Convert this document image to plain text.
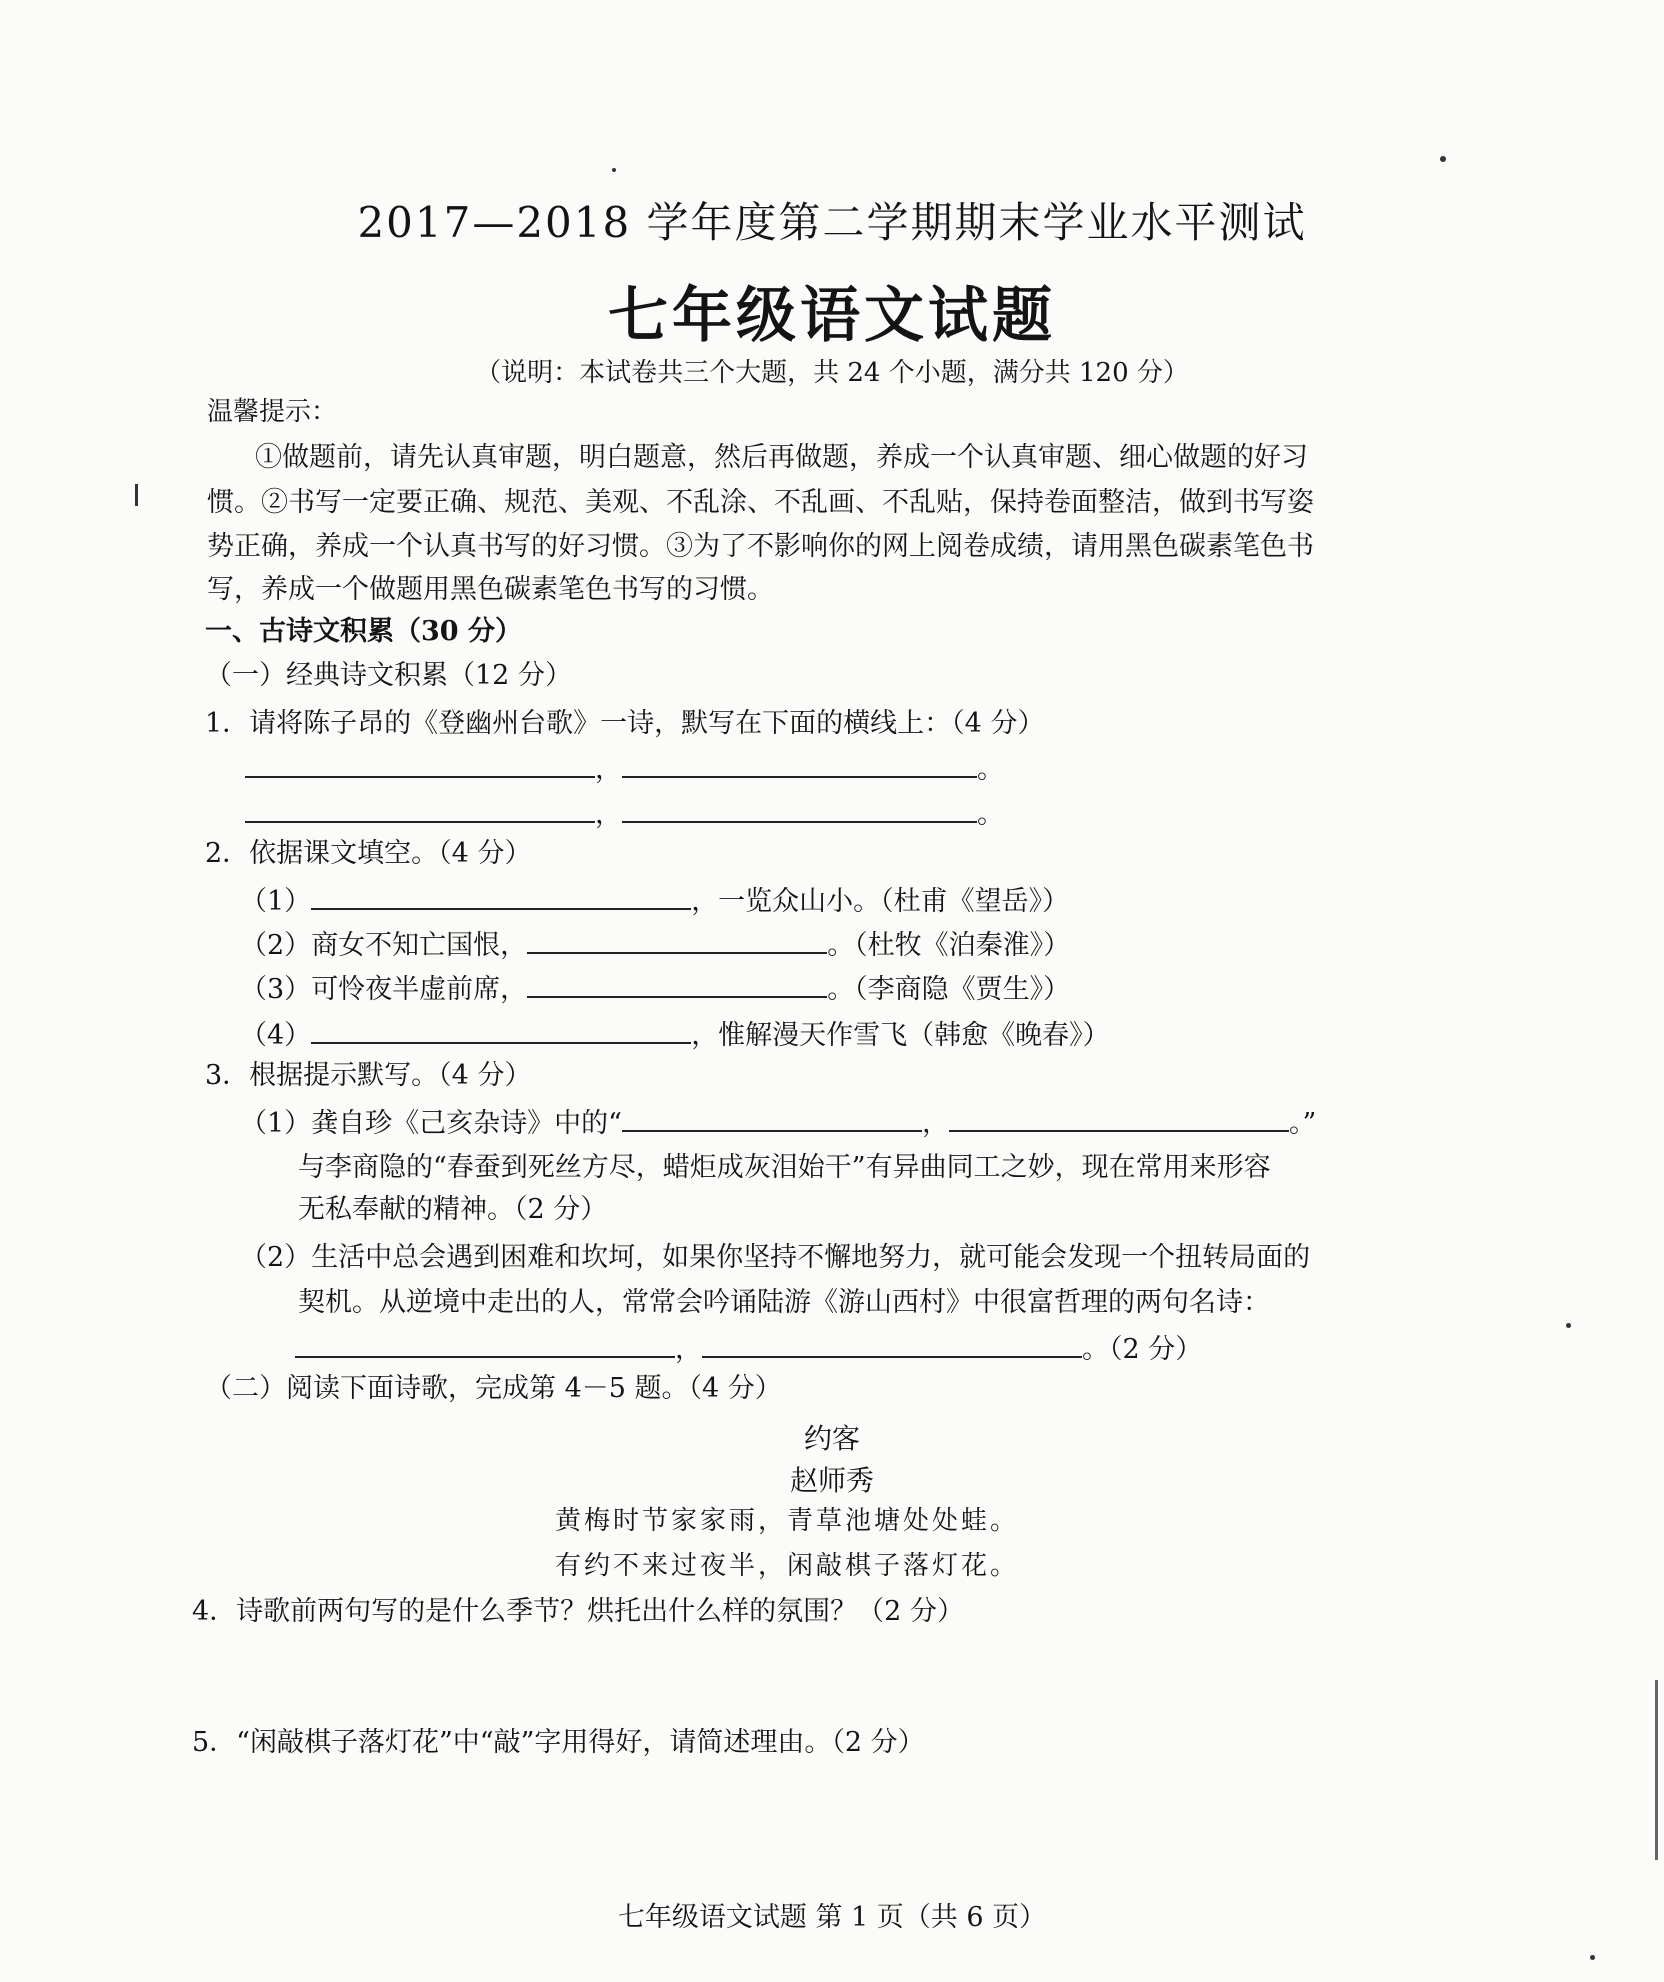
2017—2018 学年度第二学期期末学业水平测试
七年级语文试题
（说明：本试卷共三个大题，共 24 个小题，满分共 120 分）
温馨提示：
①做题前，请先认真审题，明白题意，然后再做题，养成一个认真审题、细心做题的好习
惯。②书写一定要正确、规范、美观、不乱涂、不乱画、不乱贴，保持卷面整洁，做到书写姿
势正确，养成一个认真书写的好习惯。③为了不影响你的网上阅卷成绩，请用黑色碳素笔色书
写，养成一个做题用黑色碳素笔色书写的习惯。
一、古诗文积累（30 分）
（一）经典诗文积累（12 分）
1．请将陈子昂的《登幽州台歌》一诗，默写在下面的横线上：（4 分）
，	。
，	。
2．依据课文填空。（4 分）
（1）	，一览众山小。（杜甫《望岳》）
（2）商女不知亡国恨，	。（杜牧《泊秦淮》）
（3）可怜夜半虚前席，	。（李商隐《贾生》）
（4）	，惟解漫天作雪飞（韩愈《晚春》）
3．根据提示默写。（4 分）
（1）龚自珍《己亥杂诗》中的“	，	。”
与李商隐的“春蚕到死丝方尽，蜡炬成灰泪始干”有异曲同工之妙，现在常用来形容
无私奉献的精神。（2 分）
（2）生活中总会遇到困难和坎坷，如果你坚持不懈地努力，就可能会发现一个扭转局面的
契机。从逆境中走出的人，常常会吟诵陆游《游山西村》中很富哲理的两句名诗：
，	。（2 分）
（二）阅读下面诗歌，完成第 4－5 题。（4 分）
约客
赵师秀
黄梅时节家家雨，青草池塘处处蛙。
有约不来过夜半，闲敲棋子落灯花。
4．诗歌前两句写的是什么季节？烘托出什么样的氛围？（2 分）
5．“闲敲棋子落灯花”中“敲”字用得好，请简述理由。（2 分）
七年级语文试题 第 1 页（共 6 页）
